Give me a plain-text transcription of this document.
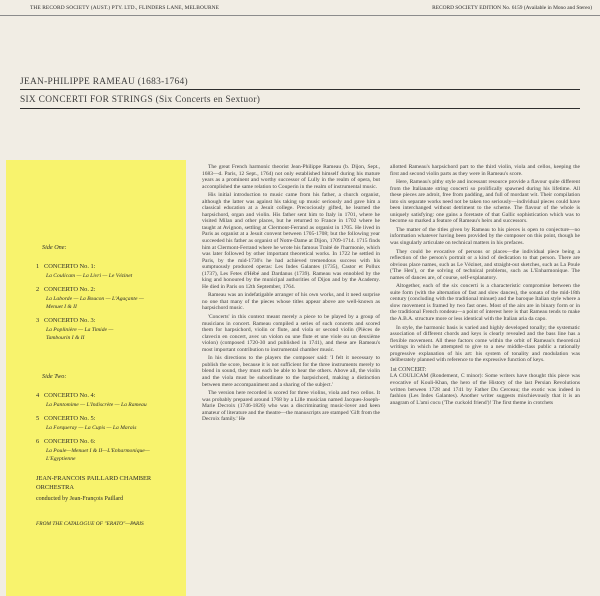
THE RECORD SOCIETY (AUST.) PTY. LTD., FLINDERS LANE, MELBOURNE	RECORD SOCIETY EDITION No. 6159 (Available in Mono and Stereo)
JEAN-PHILIPPE RAMEAU (1683-1764)
SIX CONCERTI FOR STRINGS (Six Concerts en Sextuor)
Side One:
1 CONCERTO No. 1:
La Coulicam — La Livri — Le Vézinet
2 CONCERTO No. 2:
La Laborde — La Boucon — L'Agaçante —
Menuet I & II
3 CONCERTO No. 3:
La Poplinière — La Timide —
Tambourin I & II
Side Two:
4 CONCERTO No. 4:
La Pantomime — L'Indiscrète — La Rameau
5 CONCERTO No. 5:
La Forqueray — La Cupis — La Marais
6 CONCERTO No. 6:
La Poule—Menuet I & II—L'Enharmonique—
L'Egyptienne
JEAN-FRANCOIS PAILLARD CHAMBER
ORCHESTRA
conducted by Jean-François Paillard
FROM THE CATALOGUE OF "ERATO"—PARIS

The great French harmonic theorist Jean-Philippe Rameau (b. Dijon, Sept., 1683—d. Paris, 12 Sept., 1764) not only established himself during his mature years as a prominent and worthy successor of Lully in the realm of opera, but accomplished the same relation to Couperin in the realm of instrumental music.

His initial introduction to music came from his father, a church organist, although the latter was against his taking up music seriously and gave him a classical education at a Jesuit college. Precociously gifted, he learned the harpsichord, organ and violin. His father sent him to Italy in 1701, where he visited Milan and other places, but he returned to France in 1702 where he taught at Avignon, settling at Clermont-Ferrand as organist in 1705. He lived in Paris as organist at a Jesuit convent between 1705-1708; but the following year succeeded his father as organist of Notre-Dame at Dijon, 1709-1714. 1715 finds him at Clermont-Ferrand where he wrote his famous Traité de l'harmonie, which was later followed by other important theoretical works. In 1722 he settled in Paris, by the mid-1730's he had achieved tremendous success with his sumptuously produced operas: Les Indes Galantes (1735), Castor et Pollux (1737), Les Fetes d'Hébé and Dardanus (1739). Rameau was ennobled by the king and honoured by the municipal authorities of Dijon and by the Academy. He died in Paris on 12th September, 1764.

Rameau was an indefatigable arranger of his own works, and it need surprise no one that many of the pieces whose titles appear above are well-known as harpsichord music.

'Concerts' in this context meant merely a piece to be played by a group of musicians in concert. Rameau compiled a series of such concerts and scored them for harpsichord, violin or flute, and viola or second violin (Pièces de clavecin en concert, avec un violon ou une flute et une viole ou un deuxième violon) (composed 1720-30 and published in 1741), and these are Rameau's most important contribution to instrumental chamber music.

In his directions to the players the composer said: 'I felt it necessary to publish the score, because it is not sufficient for the three instruments merely to blend in sound, they must each be able to hear the others. Above all, the violin and the viola must be subordinate to the harpsichord, making a distinction between mere accompaniment and a sharing of the subject.'

The version here recorded is scored for three violins, viola and two cellos. It was probably prepared around 1768 by a Lille musician named Jacques-Joseph-Marie Decroix (1746-1826) who was a discriminating music-lover and keen amateur of literature and the theatre—the manuscripts are stamped 'Gift from the Decroix family.' He

allotted Rameau's harpsichord part to the third violin, viola and cellos, keeping the first and second violin parts as they were in Rameau's score.

Here, Rameau's pithy style and incessant resource provide a flavour quite different from the Italianate string concerti so prolifically spawned during his lifetime. All these pieces are adroit, free from padding, and full of mordant wit. Their compilation into six separate works need not be taken too seriously—individual pieces could have been interchanged without detriment to the scheme. The flavour of the whole is uniquely satisfying: one gains a foretaste of that Gallic sophistication which was to become so marked a feature of Rameau's heirs and successors.

The matter of the titles given by Rameau to his pieces is open to conjecture—no information whatever having been provided by the composer on this point, though he was singularly articulate on technical matters in his prefaces.

They could be evocative of persons or places—the individual piece being a reflection of the person's portrait or a kind of dedication to that person. There are obvious place names, such as Le Vézinet, and straight-out sketches, such as La Poule ('The Hen'), or the solving of technical problems, such as L'Enharmonique. The names of dances are, of course, self-explanatory.

Altogether, each of the six concerti is a characteristic compromise between the suite form (with the alternation of fast and slow dances), the sonata of the mid-18th century (concluding with the traditional minuet) and the baroque Italian style where a slow movement is framed by two fast ones. Most of the airs are in binary form or in the traditional French rondeau—a point of interest here is that Rameau tends to make the A.B.A. structure more or less identical with the Italian aria da capo.

In style, the harmonic basis is varied and highly developed tonally; the systematic association of different chords and keys is clearly revealed and the bass line has a flexible movement. All these factors come within the orbit of Rameau's theoretical writings in which he attempted to give to a new middle-class public a rationally progressive explanation of his art: his system of tonality and modulation was deliberately planned with reference to the expressive function of keys.

1st CONCERT:

LA COULICAM (Rondement, C minor): Some writers have thought this piece was evocative of Kouli-Khan, the hero of the History of the last Persian Revolutions written between 1728 and 1741 by Father Du Cerceau; the exotic was indeed in fashion (Les Indes Galantes). Another writer suggests mischievously that it is an anagram of L'ami cocu ('The cuckold friend')! The first theme in crotchets
